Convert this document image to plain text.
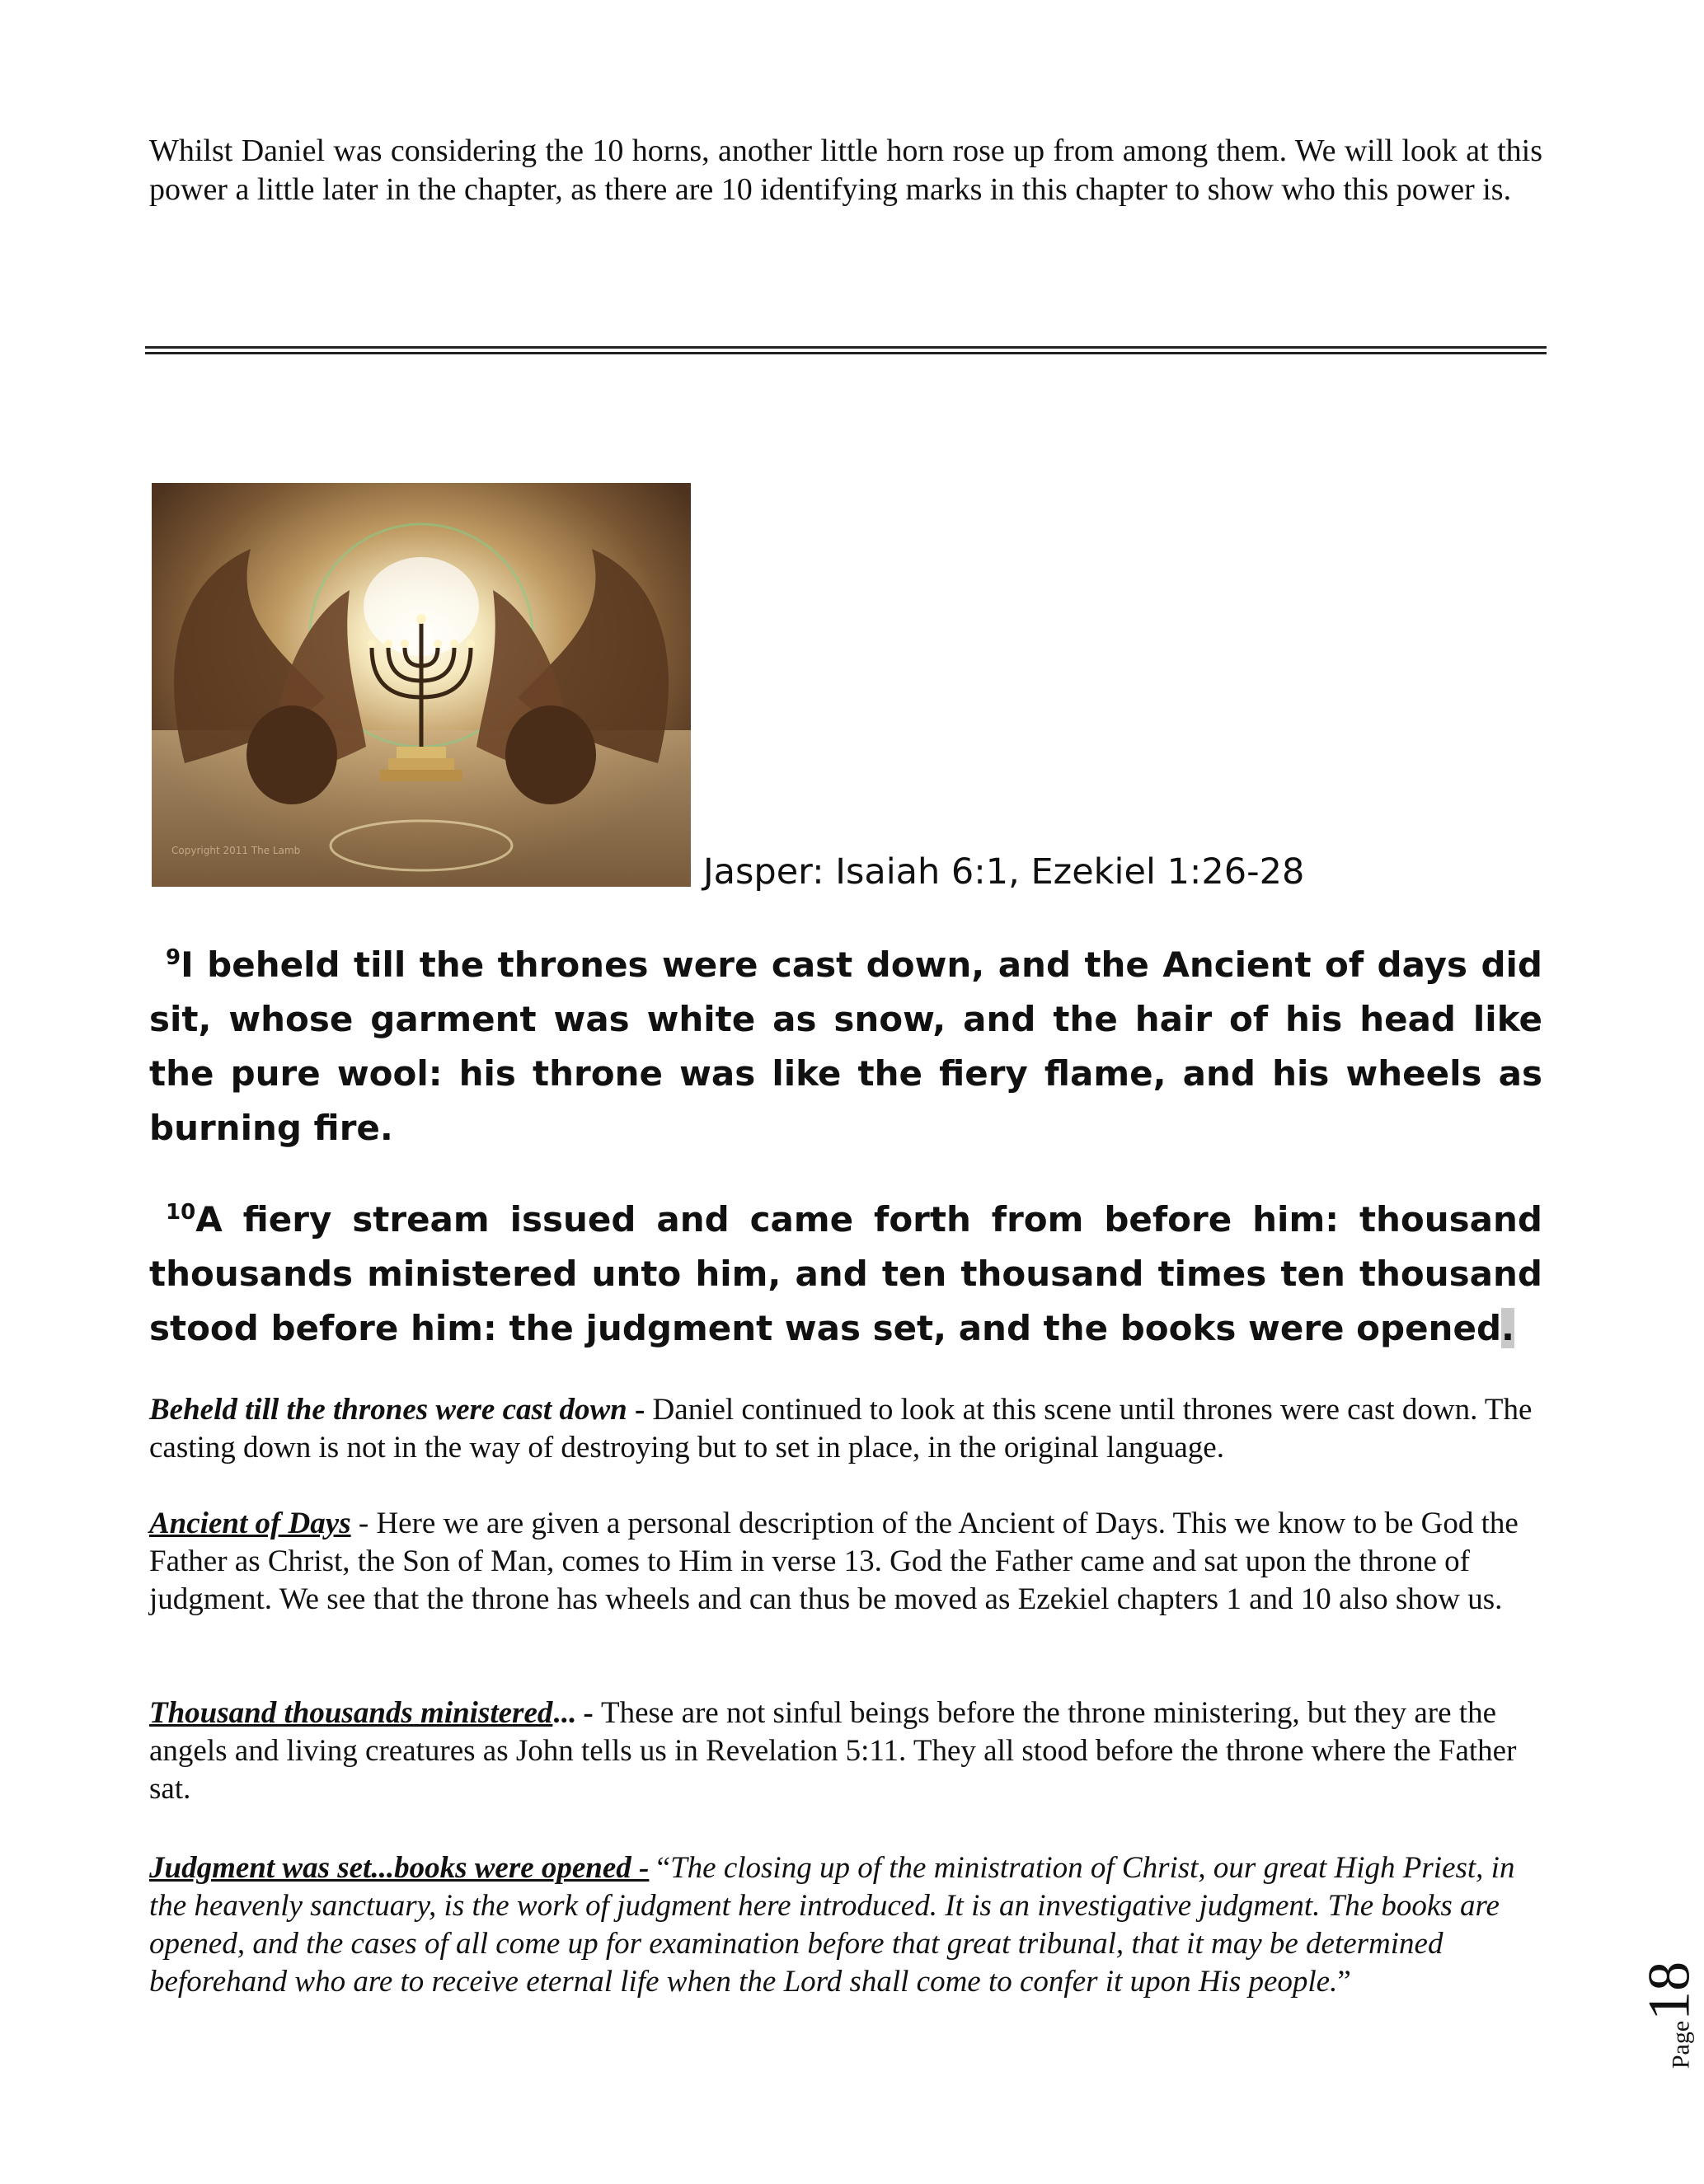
Whilst Daniel was considering the 10 horns, another little horn rose up from among them. We will look at this power a little later in the chapter, as there are 10 identifying marks in this chapter to show who this power is.
Copyright 2011 The Lamb
Jasper: Isaiah 6:1, Ezekiel 1:26-28
$^9$I beheld till the thrones were cast down, and the Ancient of days did sit, whose garment was white as snow, and the hair of his head like the pure wool: his throne was like the fiery flame, and his wheels as burning fire.
$^{10}$A fiery stream issued and came forth from before him: thousand thousands ministered unto him, and ten thousand times ten thousand stood before him: the judgment was set, and the books were opened.
Beheld till the thrones were cast down - Daniel continued to look at this scene until thrones were cast down. The casting down is not in the way of destroying but to set in place, in the original language.
Ancient of Days - Here we are given a personal description of the Ancient of Days. This we know to be God the Father as Christ, the Son of Man, comes to Him in verse 13. God the Father came and sat upon the throne of judgment. We see that the throne has wheels and can thus be moved as Ezekiel chapters 1 and 10 also show us.
Thousand thousands ministered... - These are not sinful beings before the throne ministering, but they are the angels and living creatures as John tells us in Revelation 5:11. They all stood before the throne where the Father sat.
Judgment was set...books were opened - “The closing up of the ministration of Christ, our great High Priest, in the heavenly sanctuary, is the work of judgment here introduced. It is an investigative judgment. The books are opened, and the cases of all come up for examination before that great tribunal, that it may be determined beforehand who are to receive eternal life when the Lord shall come to confer it upon His people.”
Page18
